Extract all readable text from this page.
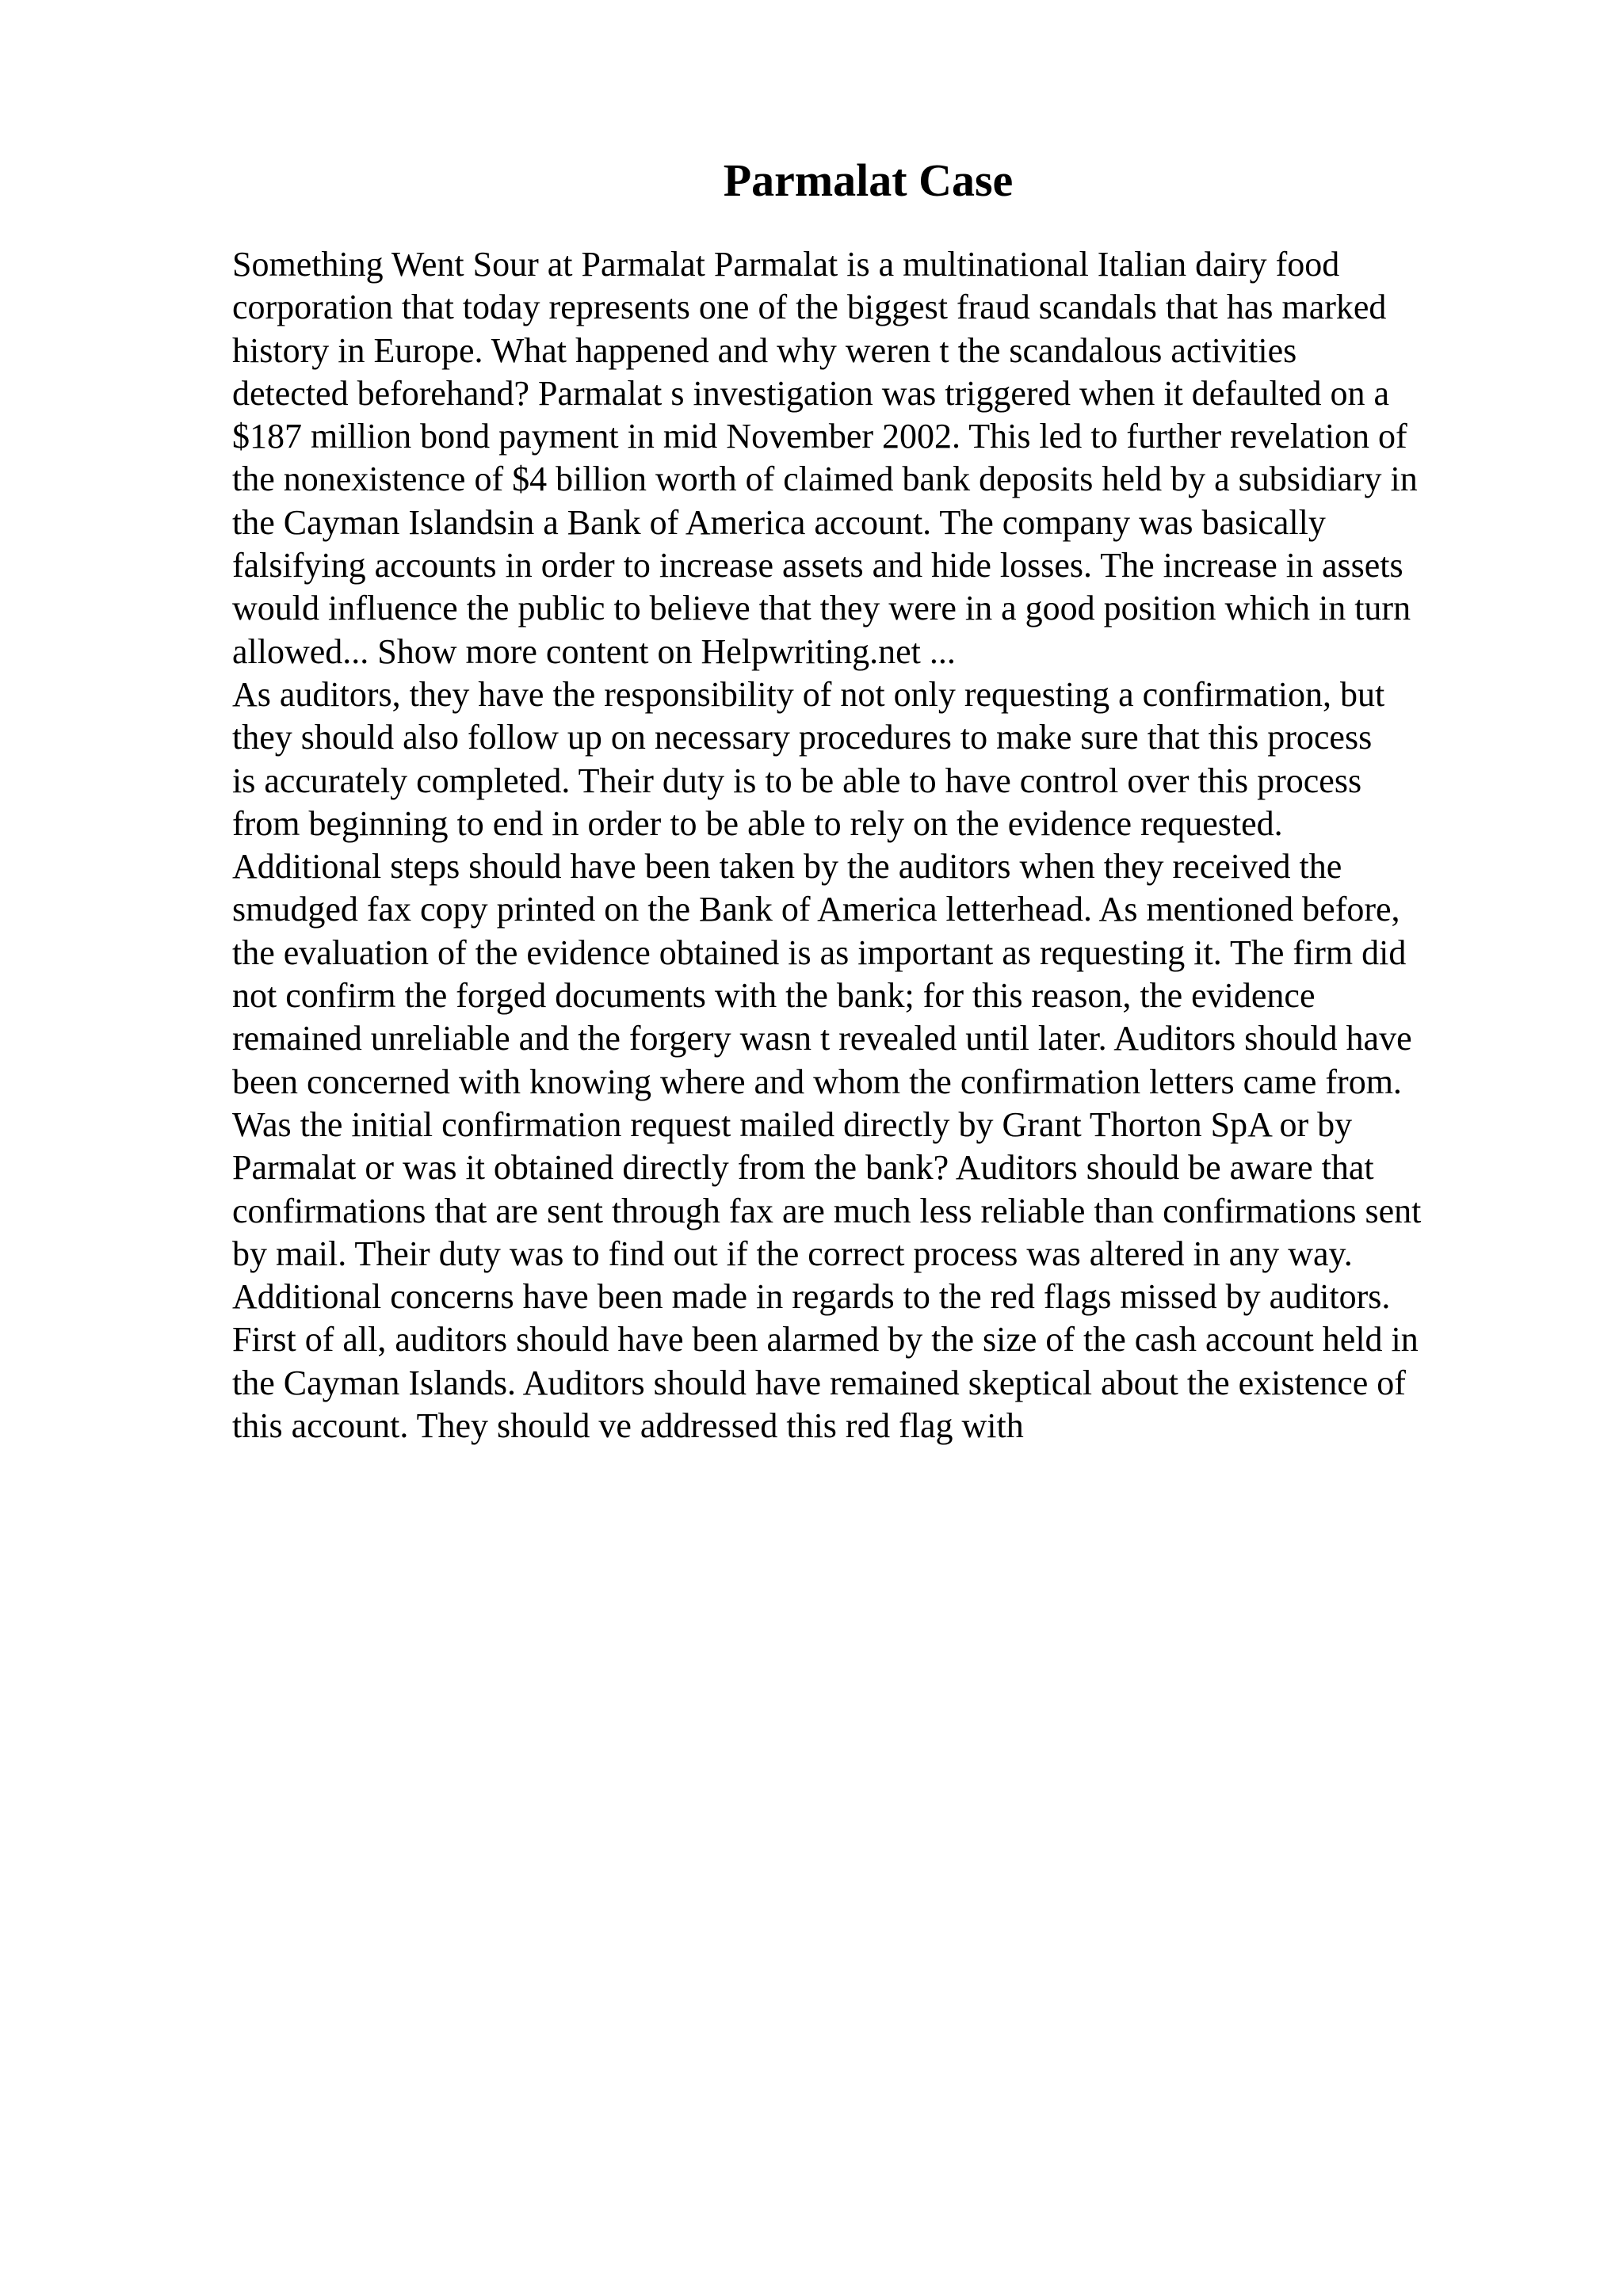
Parmalat Case
Something Went Sour at Parmalat Parmalat is a multinational Italian dairy food
corporation that today represents one of the biggest fraud scandals that has marked
history in Europe. What happened and why weren t the scandalous activities
detected beforehand? Parmalat s investigation was triggered when it defaulted on a
$187 million bond payment in mid November 2002. This led to further revelation of
the nonexistence of $4 billion worth of claimed bank deposits held by a subsidiary in
the Cayman Islandsin a Bank of America account. The company was basically
falsifying accounts in order to increase assets and hide losses. The increase in assets
would influence the public to believe that they were in a good position which in turn
allowed... Show more content on Helpwriting.net ...
As auditors, they have the responsibility of not only requesting a confirmation, but
they should also follow up on necessary procedures to make sure that this process
is accurately completed. Their duty is to be able to have control over this process
from beginning to end in order to be able to rely on the evidence requested.
Additional steps should have been taken by the auditors when they received the
smudged fax copy printed on the Bank of America letterhead. As mentioned before,
the evaluation of the evidence obtained is as important as requesting it. The firm did
not confirm the forged documents with the bank; for this reason, the evidence
remained unreliable and the forgery wasn t revealed until later. Auditors should have
been concerned with knowing where and whom the confirmation letters came from.
Was the initial confirmation request mailed directly by Grant Thorton SpA or by
Parmalat or was it obtained directly from the bank? Auditors should be aware that
confirmations that are sent through fax are much less reliable than confirmations sent
by mail. Their duty was to find out if the correct process was altered in any way.
Additional concerns have been made in regards to the red flags missed by auditors.
First of all, auditors should have been alarmed by the size of the cash account held in
the Cayman Islands. Auditors should have remained skeptical about the existence of
this account. They should ve addressed this red flag with
